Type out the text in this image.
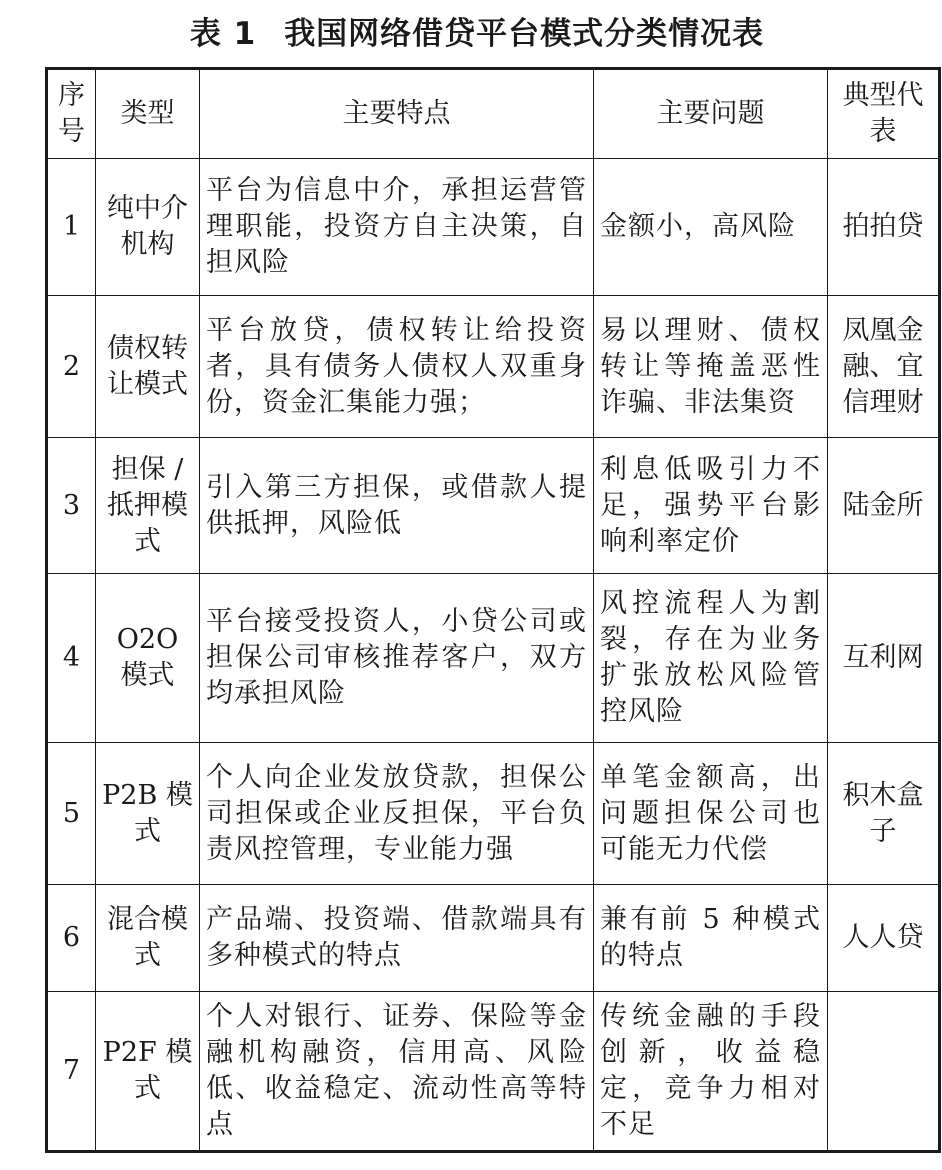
表 1 我国网络借贷平台模式分类情况表
序号	类型	主要特点	主要问题	典型代表
1	纯中介机构	平台为信息中介，承担运营管理职能，投资方自主决策，自担风险	金额小，高风险	拍拍贷
2	债权转让模式	平台放贷，债权转让给投资者，具有债务人债权人双重身份，资金汇集能力强；	易以理财、债权转让等掩盖恶性诈骗、非法集资	凤凰金融、宜信理财
3	担保 / 抵押模式	引入第三方担保，或借款人提供抵押，风险低	利息低吸引力不足，强势平台影响利率定价	陆金所
4	O2O 模式	平台接受投资人，小贷公司或担保公司审核推荐客户，双方均承担风险	风控流程人为割裂，存在为业务扩张放松风险管控风险	互利网
5	P2B 模式	个人向企业发放贷款，担保公司担保或企业反担保，平台负责风控管理，专业能力强	单笔金额高，出问题担保公司也可能无力代偿	积木盒子
6	混合模式	产品端、投资端、借款端具有多种模式的特点	兼有前 5 种模式的特点	人人贷
7	P2F 模式	个人对银行、证券、保险等金融机构融资，信用高、风险低、收益稳定、流动性高等特点	传统金融的手段创新，收益稳定，竞争力相对不足	
